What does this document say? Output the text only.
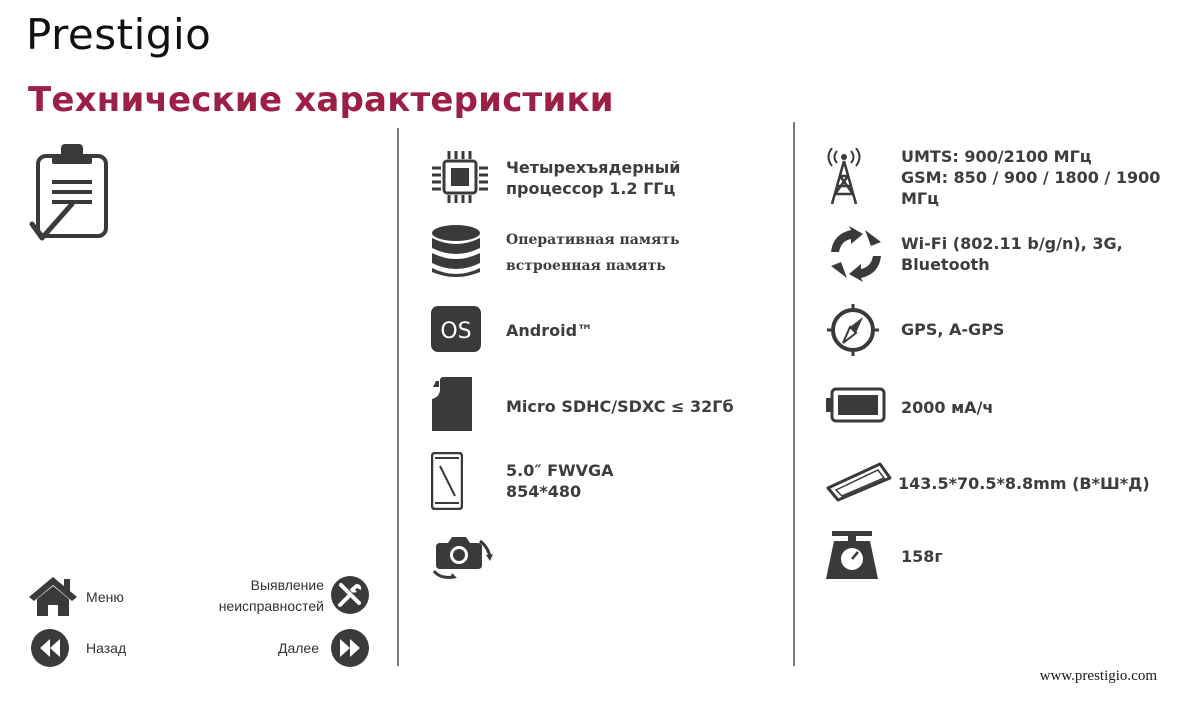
Prestigio
Технические характеристики
Четырехъядерный
процессор 1.2 ГГц
Оперативная память
встроенная память
OS Android™
Micro SDHC/SDXC ≤ 32Гб
5.0″ FWVGA
854*480
UMTS: 900/2100 МГц
GSM: 850 / 900 / 1800 / 1900
МГц
Wi-Fi (802.11 b/g/n), 3G,
Bluetooth
GPS, A-GPS
2000 мА/ч
143.5*70.5*8.8mm (В*Ш*Д)
158г
Меню
Выявление
неисправностей
Назад	Далее
www.prestigio.com
